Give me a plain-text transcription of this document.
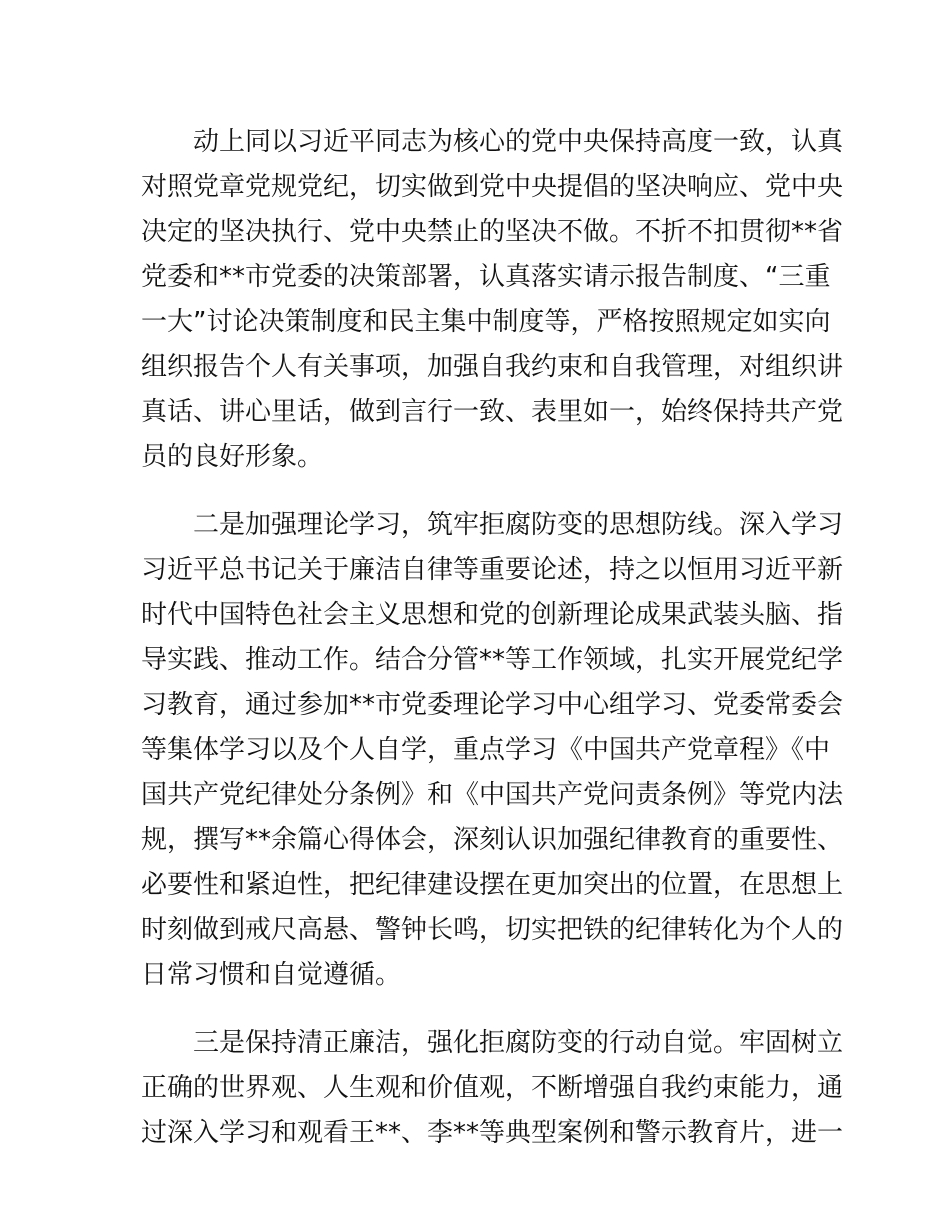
动上同以习近平同志为核心的党中央保持高度一致，认真
对照党章党规党纪，切实做到党中央提倡的坚决响应、党中央
决定的坚决执行、党中央禁止的坚决不做。不折不扣贯彻**省
党委和**市党委的决策部署，认真落实请示报告制度、“三重
一大”讨论决策制度和民主集中制度等，严格按照规定如实向
组织报告个人有关事项，加强自我约束和自我管理，对组织讲
真话、讲心里话，做到言行一致、表里如一，始终保持共产党
员的良好形象。
二是加强理论学习，筑牢拒腐防变的思想防线。深入学习
习近平总书记关于廉洁自律等重要论述，持之以恒用习近平新
时代中国特色社会主义思想和党的创新理论成果武装头脑、指
导实践、推动工作。结合分管**等工作领域，扎实开展党纪学
习教育，通过参加**市党委理论学习中心组学习、党委常委会
等集体学习以及个人自学，重点学习《中国共产党章程》《中
国共产党纪律处分条例》和《中国共产党问责条例》等党内法
规，撰写**余篇心得体会，深刻认识加强纪律教育的重要性、
必要性和紧迫性，把纪律建设摆在更加突出的位置，在思想上
时刻做到戒尺高悬、警钟长鸣，切实把铁的纪律转化为个人的
日常习惯和自觉遵循。
三是保持清正廉洁，强化拒腐防变的行动自觉。牢固树立
正确的世界观、人生观和价值观，不断增强自我约束能力，通
过深入学习和观看王**、李**等典型案例和警示教育片，进一
